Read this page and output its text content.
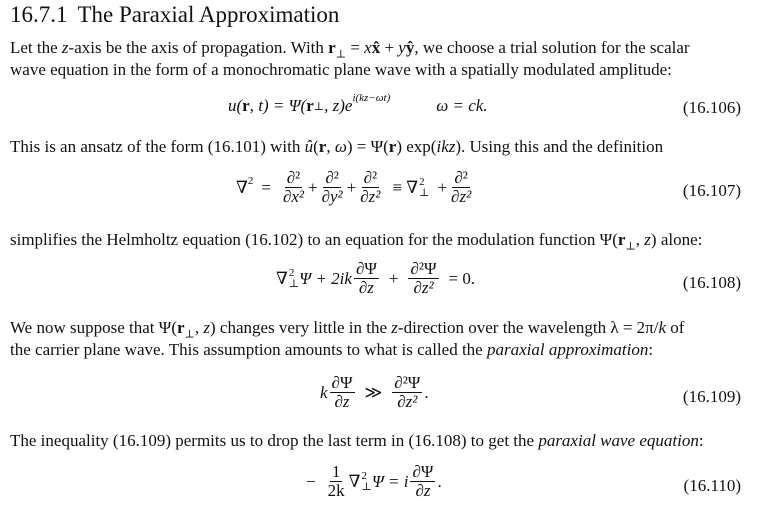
16.7.1 The Paraxial Approximation
Let the z-axis be the axis of propagation. With $r_\perp$ = xx̂ + yŷ, we choose a trial solution for the scalar
wave equation in the form of a monochromatic plane wave with a spatially modulated amplitude:
u( r , t) = Ψ( r ⊥ , $z)e^{i(kz-\omega t)}$	ω = ck.	(16.106)
This is an ansatz of the form (16.101) with û(r, ω) = Ψ(r) exp(ikz). Using this and the definition
$\nabla^2 = \frac{\text{∂²}}{\text{∂x²}} + \frac{\text{∂²}}{\text{∂y²}} + \frac{\text{∂²}}{\text{∂z²}}$ ≡ ∇ 2
⊥ + $\frac{\text{∂²}}{\text{∂z²}}$	(16.107)
simplifies the Helmholtz equation (16.102) to an equation for the modulation function $\Psi(r_\perp$, z) alone:
∇ 2
⊥ $\Psi + 2ik \frac{\partial\Psi}{\partial z} + \frac{\text{∂²Ψ}}{\text{∂z²}} = 0$.	(16.108)
We now suppose that $\Psi(r_\perp$, z) changes very little in the z-direction over the wavelength λ = 2π/k of
the carrier plane wave. This assumption amounts to what is called the paraxial approximation:
k $\frac{\partial\Psi}{\partial z}$ ≫ $\frac{\text{∂²Ψ}}{\text{∂z²}}$ .	(16.109)
The inequality (16.109) permits us to drop the last term in (16.108) to get the paraxial wave equation:
− $\frac{1}{2k}$ ∇ 2
⊥ Ψ = i $\frac{\partial\Psi}{\partial z}$ .	(16.110)
